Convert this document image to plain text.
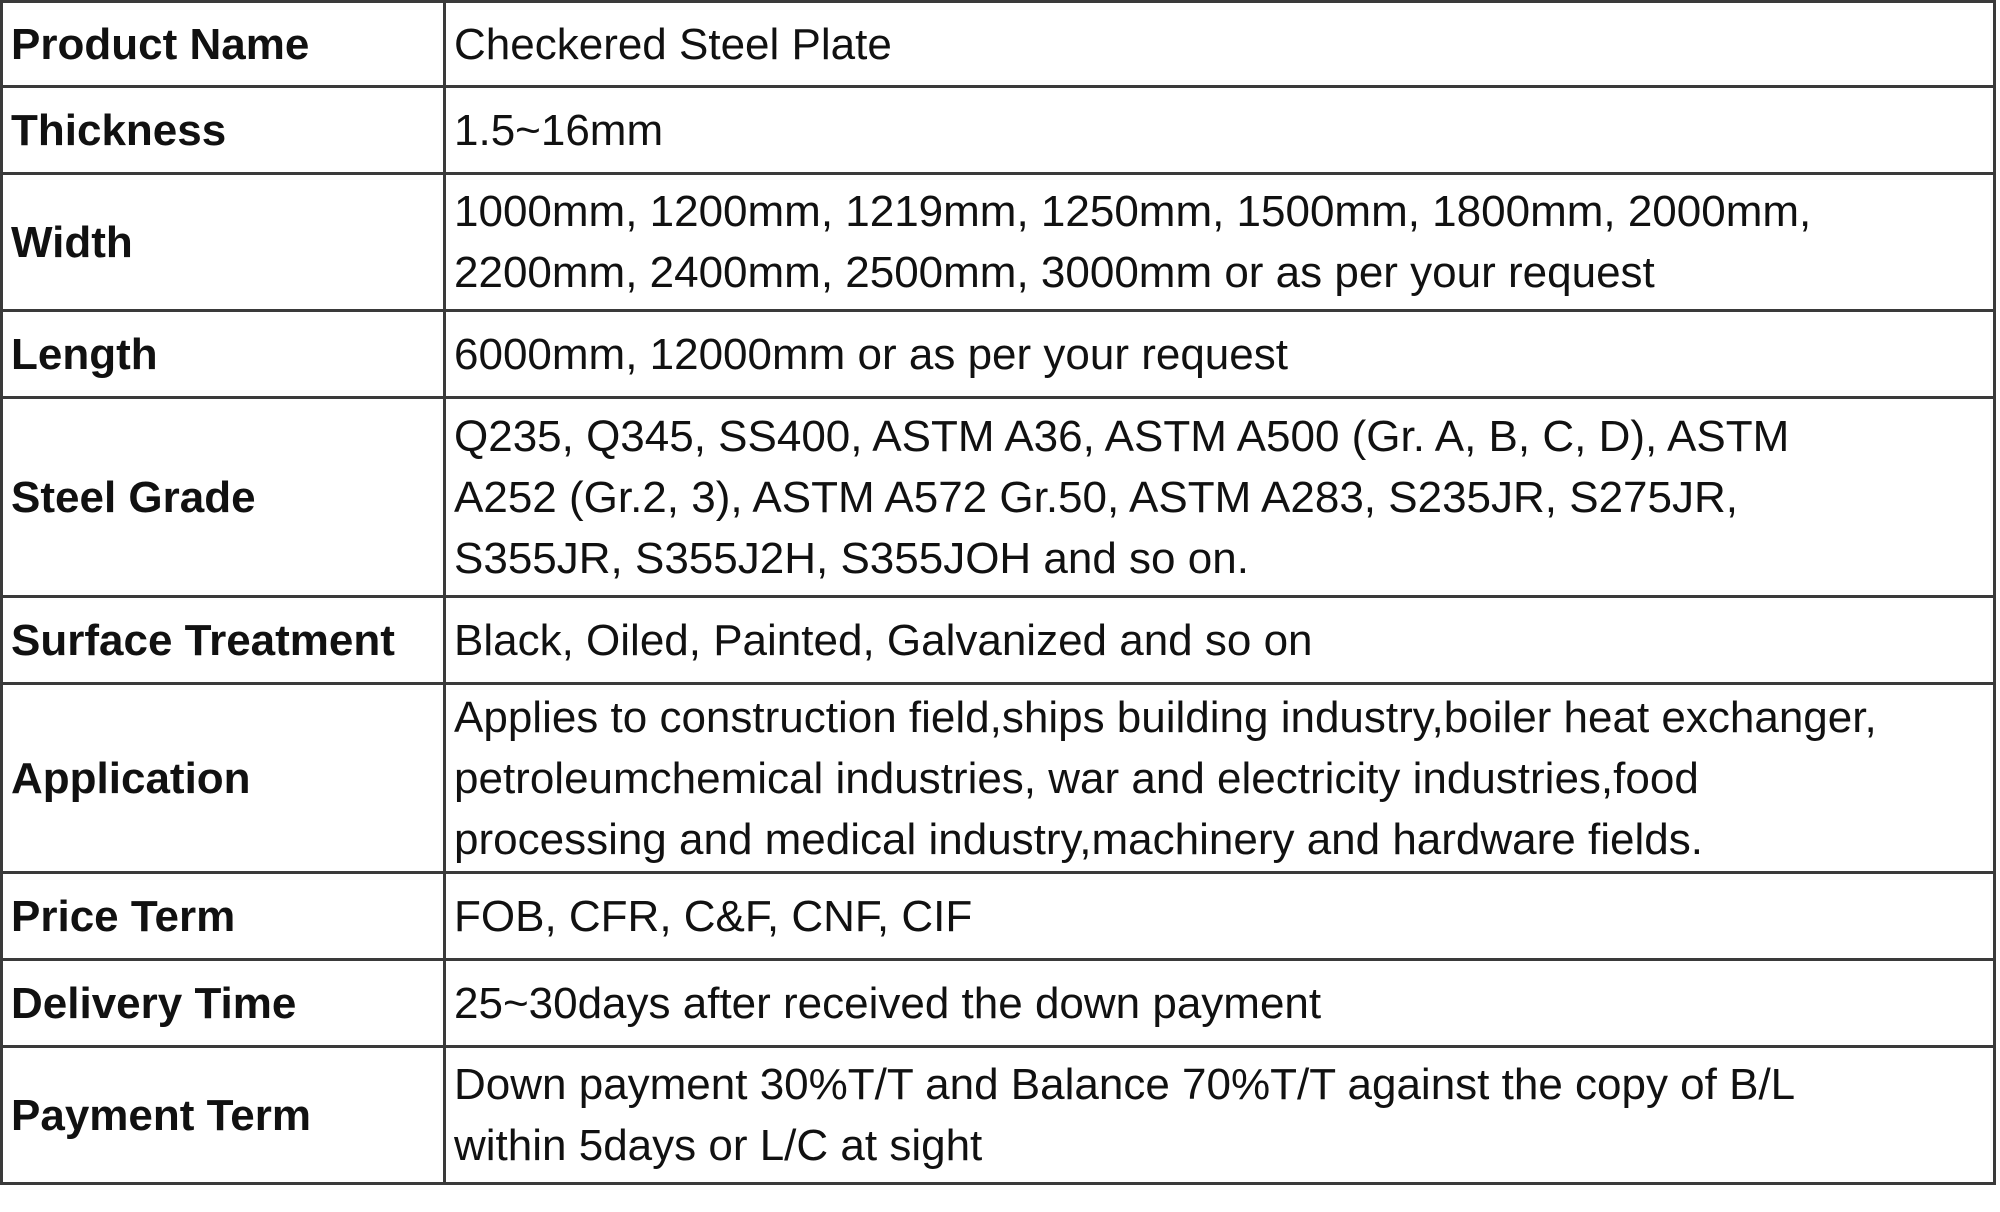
Product Name	Checkered Steel Plate
Thickness	1.5~16mm
Width	1000mm, 1200mm, 1219mm, 1250mm, 1500mm, 1800mm, 2000mm,
2200mm, 2400mm, 2500mm, 3000mm or as per your request
Length	6000mm, 12000mm or as per your request
Steel Grade	Q235, Q345, SS400, ASTM A36, ASTM A500 (Gr. A, B, C, D), ASTM
A252 (Gr.2, 3), ASTM A572 Gr.50, ASTM A283, S235JR, S275JR,
S355JR, S355J2H, S355JOH and so on.
Surface Treatment	Black, Oiled, Painted, Galvanized and so on
Application	Applies to construction field,ships building industry,boiler heat exchanger,
petroleumchemical industries, war and electricity industries,food
processing and medical industry,machinery and hardware fields.
Price Term	FOB, CFR, C&F, CNF, CIF
Delivery Time	25~30days after received the down payment
Payment Term	Down payment 30%T/T and Balance 70%T/T against the copy of B/L
within 5days or L/C at sight
